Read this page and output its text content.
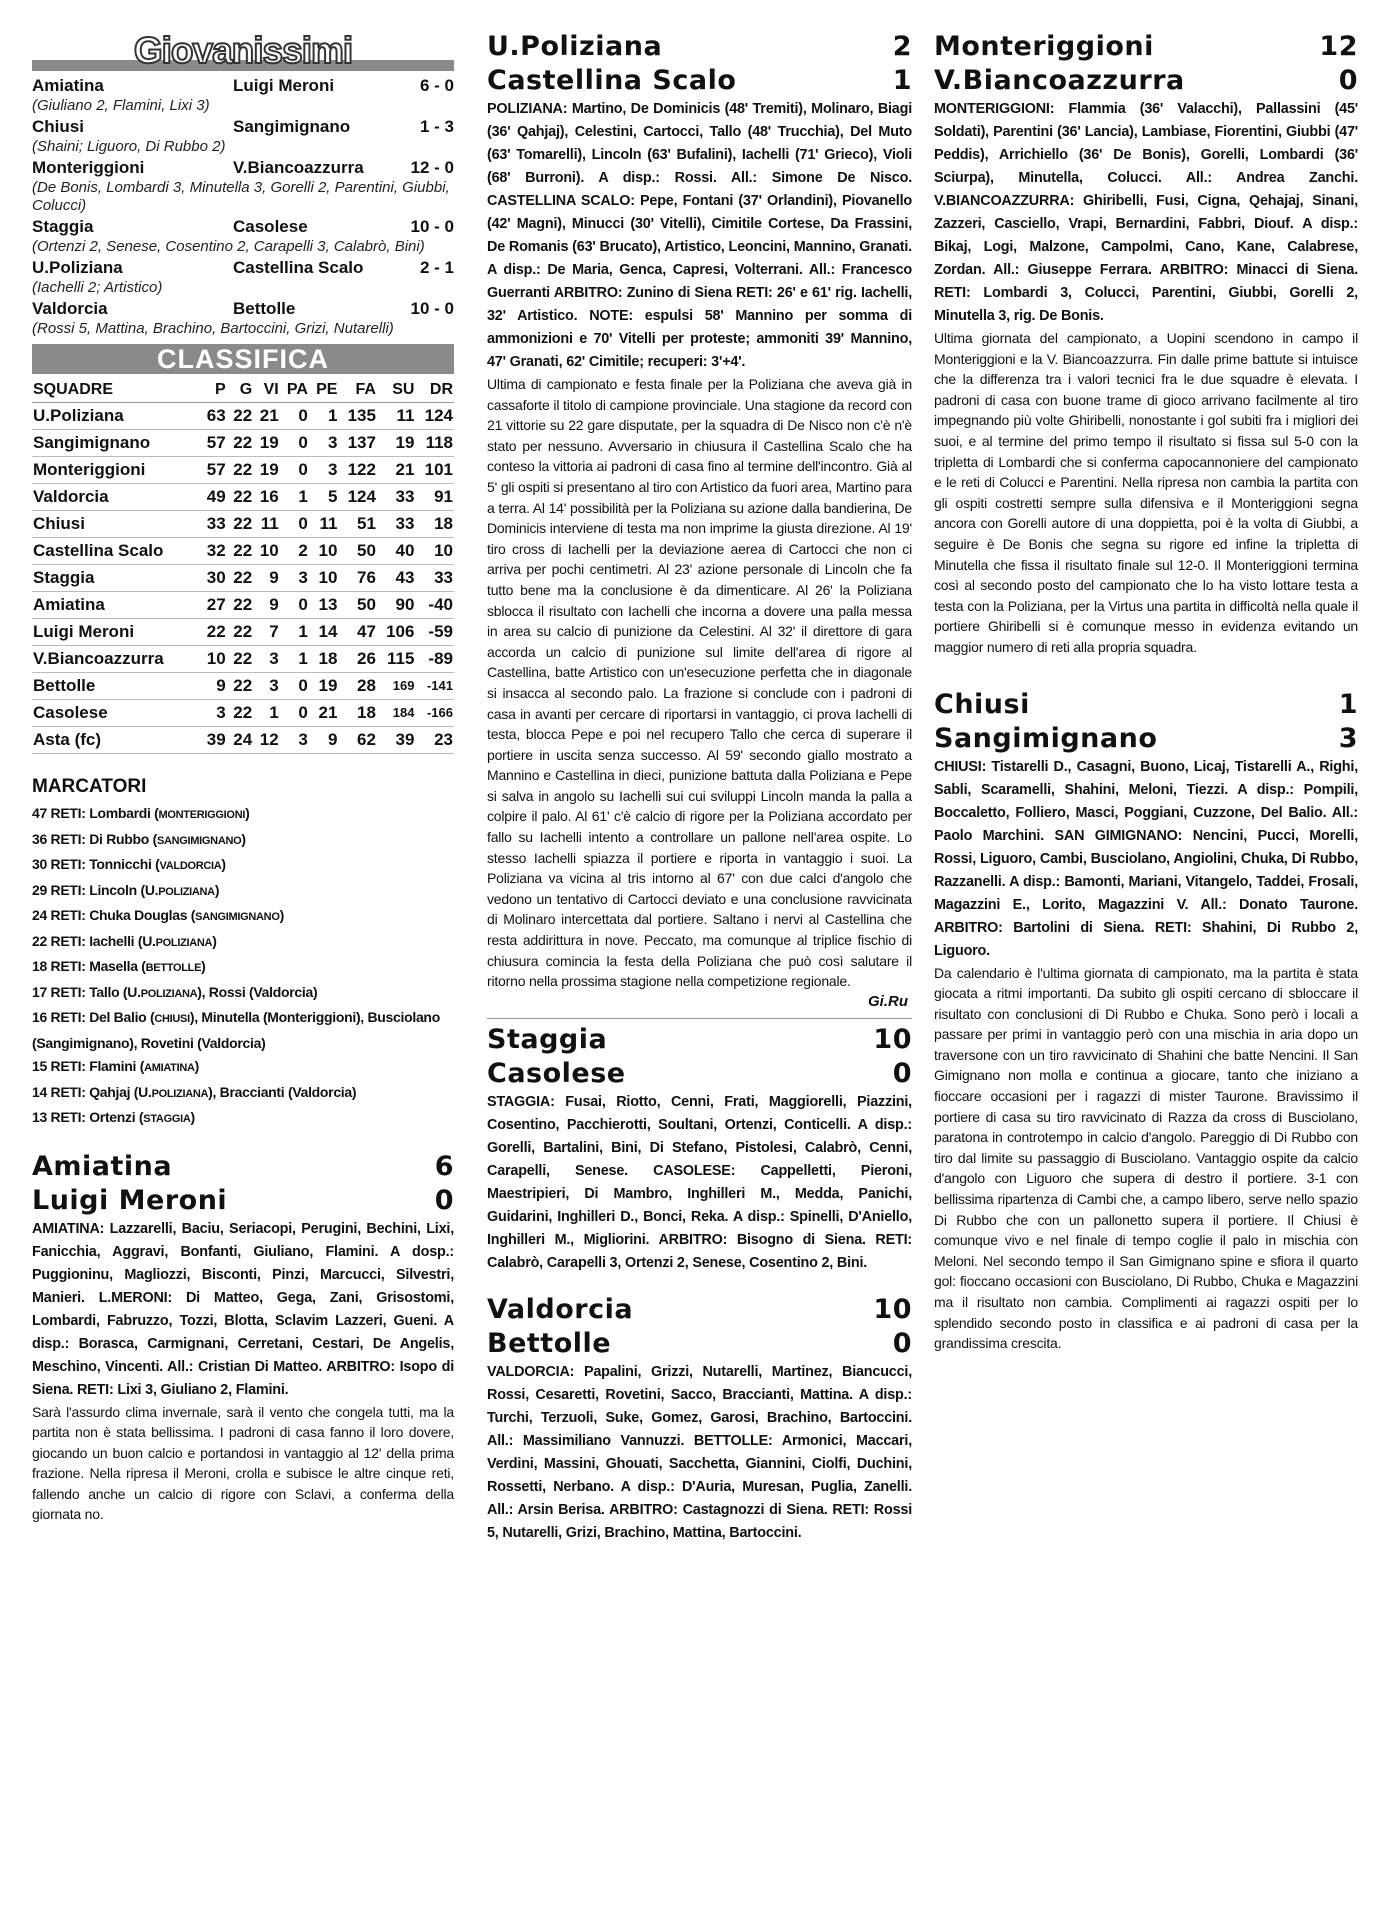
Giovanissimi
Amiatina	Luigi Meroni	6 - 0
(Giuliano 2, Flamini, Lixi 3)
Chiusi	Sangimignano	1 - 3
(Shaini; Liguoro, Di Rubbo 2)
Monteriggioni	V.Biancoazzurra	12 - 0
(De Bonis, Lombardi 3, Minutella 3, Gorelli 2, Parentini, Giubbi, Colucci)
Staggia	Casolese	10 - 0
(Ortenzi 2, Senese, Cosentino 2, Carapelli 3, Calabrò, Bini)
U.Poliziana	Castellina Scalo	2 - 1
(Iachelli 2; Artistico)
Valdorcia	Bettolle	10 - 0
(Rossi 5, Mattina, Brachino, Bartoccini, Grizi, Nutarelli)
CLASSIFICA
SQUADRE	P	G	VI	PA	PE	FA	SU	DR
U.Poliziana	63	22	21	0	1	135	11	124
Sangimignano	57	22	19	0	3	137	19	118
Monteriggioni	57	22	19	0	3	122	21	101
Valdorcia	49	22	16	1	5	124	33	91
Chiusi	33	22	11	0	11	51	33	18
Castellina Scalo	32	22	10	2	10	50	40	10
Staggia	30	22	9	3	10	76	43	33
Amiatina	27	22	9	0	13	50	90	-40
Luigi Meroni	22	22	7	1	14	47	106	-59
V.Biancoazzurra	10	22	3	1	18	26	115	-89
Bettolle	9	22	3	0	19	28	169	-141
Casolese	3	22	1	0	21	18	184	-166
Asta (fc)	39	24	12	3	9	62	39	23
MARCATORI
47 RETI: Lombardi (MONTERIGGIONI)
36 RETI: Di Rubbo (SANGIMIGNANO)
30 RETI: Tonnicchi (VALDORCIA)
29 RETI: Lincoln (U.POLIZIANA)
24 RETI: Chuka Douglas (SANGIMIGNANO)
22 RETI: Iachelli (U.POLIZIANA)
18 RETI: Masella (BETTOLLE)
17 RETI: Tallo (U.POLIZIANA), Rossi (Valdorcia)
16 RETI: Del Balio (CHIUSI), Minutella (Monteriggioni), Busciolano (Sangimignano), Rovetini (Valdorcia)
15 RETI: Flamini (AMIATINA)
14 RETI: Qahjaj (U.POLIZIANA), Braccianti (Valdorcia)
13 RETI: Ortenzi (STAGGIA)
Amiatina	6
Luigi Meroni	0
AMIATINA: Lazzarelli, Baciu, Seriacopi, Perugini, Bechini, Lixi, Fanicchia, Aggravi, Bonfanti, Giuliano, Flamini. A dosp.: Puggioninu, Magliozzi, Bisconti, Pinzi, Marcucci, Silvestri, Manieri. L.MERONI: Di Matteo, Gega, Zani, Grisostomi, Lombardi, Fabruzzo, Tozzi, Blotta, Sclavim Lazzeri, Gueni. A disp.: Borasca, Carmignani, Cerretani, Cestari, De Angelis, Meschino, Vincenti. All.: Cristian Di Matteo. ARBITRO: Isopo di Siena. RETI: Lixi 3, Giuliano 2, Flamini.
Sarà l'assurdo clima invernale, sarà il vento che congela tutti, ma la partita non è stata bellissima. I padroni di casa fanno il loro dovere, giocando un buon calcio e portandosi in vantaggio al 12' della prima frazione. Nella ripresa il Meroni, crolla e subisce le altre cinque reti, fallendo anche un calcio di rigore con Sclavi, a conferma della giornata no.
U.Poliziana	2
Castellina Scalo	1
POLIZIANA: Martino, De Dominicis (48' Tremiti), Molinaro, Biagi (36' Qahjaj), Celestini, Cartocci, Tallo (48' Trucchia), Del Muto (63' Tomarelli), Lincoln (63' Bufalini), Iachelli (71' Grieco), Violi (68' Burroni). A disp.: Rossi. All.: Simone De Nisco. CASTELLINA SCALO: Pepe, Fontani (37' Orlandini), Piovanello (42' Magni), Minucci (30' Vitelli), Cimitile Cortese, Da Frassini, De Romanis (63' Brucato), Artistico, Leoncini, Mannino, Granati. A disp.: De Maria, Genca, Capresi, Volterrani. All.: Francesco Guerranti ARBITRO: Zunino di Siena RETI: 26' e 61' rig. Iachelli, 32' Artistico. NOTE: espulsi 58' Mannino per somma di ammonizioni e 70' Vitelli per proteste; ammoniti 39' Mannino, 47' Granati, 62' Cimitile; recuperi: 3'+4'.
Ultima di campionato e festa finale per la Poliziana che aveva già in cassaforte il titolo di campione provinciale. Una stagione da record con 21 vittorie su 22 gare disputate, per la squadra di De Nisco non c'è n'è stato per nessuno. Avversario in chiusura il Castellina Scalo che ha conteso la vittoria ai padroni di casa fino al termine dell'incontro. Già al 5' gli ospiti si presentano al tiro con Artistico da fuori area, Martino para a terra. Al 14' possibilità per la Poliziana su azione dalla bandierina, De Dominicis interviene di testa ma non imprime la giusta direzione. Al 19' tiro cross di Iachelli per la deviazione aerea di Cartocci che non ci arriva per pochi centimetri. Al 23' azione personale di Lincoln che fa tutto bene ma la conclusione è da dimenticare. Al 26' la Poliziana sblocca il risultato con Iachelli che incorna a dovere una palla messa in area su calcio di punizione da Celestini. Al 32' il direttore di gara accorda un calcio di punizione sul limite dell'area di rigore al Castellina, batte Artistico con un'esecuzione perfetta che in diagonale si insacca al secondo palo. La frazione si conclude con i padroni di casa in avanti per cercare di riportarsi in vantaggio, ci prova Iachelli di testa, blocca Pepe e poi nel recupero Tallo che cerca di superare il portiere in uscita senza successo. Al 59' secondo giallo mostrato a Mannino e Castellina in dieci, punizione battuta dalla Poliziana e Pepe si salva in angolo su Iachelli sui cui sviluppi Lincoln manda la palla a colpire il palo. Al 61' c'è calcio di rigore per la Poliziana accordato per fallo su Iachelli intento a controllare un pallone nell'area ospite. Lo stesso Iachelli spiazza il portiere e riporta in vantaggio i suoi. La Poliziana va vicina al tris intorno al 67' con due calci d'angolo che vedono un tentativo di Cartocci deviato e una conclusione ravvicinata di Molinaro intercettata dal portiere. Saltano i nervi al Castellina che resta addirittura in nove. Peccato, ma comunque al triplice fischio di chiusura comincia la festa della Poliziana che può così salutare il ritorno nella prossima stagione nella competizione regionale.
Gi.Ru
Staggia	10
Casolese	0
STAGGIA: Fusai, Riotto, Cenni, Frati, Maggiorelli, Piazzini, Cosentino, Pacchierotti, Soultani, Ortenzi, Conticelli. A disp.: Gorelli, Bartalini, Bini, Di Stefano, Pistolesi, Calabrò, Cenni, Carapelli, Senese. CASOLESE: Cappelletti, Pieroni, Maestripieri, Di Mambro, Inghilleri M., Medda, Panichi, Guidarini, Inghilleri D., Bonci, Reka. A disp.: Spinelli, D'Aniello, Inghilleri M., Migliorini. ARBITRO: Bisogno di Siena. RETI: Calabrò, Carapelli 3, Ortenzi 2, Senese, Cosentino 2, Bini.
Valdorcia	10
Bettolle	0
VALDORCIA: Papalini, Grizzi, Nutarelli, Martinez, Biancucci, Rossi, Cesaretti, Rovetini, Sacco, Braccianti, Mattina. A disp.: Turchi, Terzuoli, Suke, Gomez, Garosi, Brachino, Bartoccini. All.: Massimiliano Vannuzzi. BETTOLLE: Armonici, Maccari, Verdini, Massini, Ghouati, Sacchetta, Giannini, Ciolfi, Duchini, Rossetti, Nerbano. A disp.: D'Auria, Muresan, Puglia, Zanelli. All.: Arsin Berisa. ARBITRO: Castagnozzi di Siena. RETI: Rossi 5, Nutarelli, Grizi, Brachino, Mattina, Bartoccini.
Monteriggioni	12
V.Biancoazzurra	0
MONTERIGGIONI: Flammia (36' Valacchi), Pallassini (45' Soldati), Parentini (36' Lancia), Lambiase, Fiorentini, Giubbi (47' Peddis), Arrichiello (36' De Bonis), Gorelli, Lombardi (36' Sciurpa), Minutella, Colucci. All.: Andrea Zanchi. V.BIANCOAZZURRA: Ghiribelli, Fusi, Cigna, Qehajaj, Sinani, Zazzeri, Casciello, Vrapi, Bernardini, Fabbri, Diouf. A disp.: Bikaj, Logi, Malzone, Campolmi, Cano, Kane, Calabrese, Zordan. All.: Giuseppe Ferrara. ARBITRO: Minacci di Siena. RETI: Lombardi 3, Colucci, Parentini, Giubbi, Gorelli 2, Minutella 3, rig. De Bonis.
Ultima giornata del campionato, a Uopini scendono in campo il Monteriggioni e la V. Biancoazzurra. Fin dalle prime battute si intuisce che la differenza tra i valori tecnici fra le due squadre è elevata. I padroni di casa con buone trame di gioco arrivano facilmente al tiro impegnando più volte Ghiribelli, nonostante i gol subiti fra i migliori dei suoi, e al termine del primo tempo il risultato si fissa sul 5-0 con la tripletta di Lombardi che si conferma capocannoniere del campionato e le reti di Colucci e Parentini. Nella ripresa non cambia la partita con gli ospiti costretti sempre sulla difensiva e il Monteriggioni segna ancora con Gorelli autore di una doppietta, poi è la volta di Giubbi, a seguire è De Bonis che segna su rigore ed infine la tripletta di Minutella che fissa il risultato finale sul 12-0. Il Monteriggioni termina così al secondo posto del campionato che lo ha visto lottare testa a testa con la Poliziana, per la Virtus una partita in difficoltà nella quale il portiere Ghiribelli si è comunque messo in evidenza evitando un maggior numero di reti alla propria squadra.
Chiusi	1
Sangimignano	3
CHIUSI: Tistarelli D., Casagni, Buono, Licaj, Tistarelli A., Righi, Sabli, Scaramelli, Shahini, Meloni, Tiezzi. A disp.: Pompili, Boccaletto, Folliero, Masci, Poggiani, Cuzzone, Del Balio. All.: Paolo Marchini. SAN GIMIGNANO: Nencini, Pucci, Morelli, Rossi, Liguoro, Cambi, Busciolano, Angiolini, Chuka, Di Rubbo, Razzanelli. A disp.: Bamonti, Mariani, Vitangelo, Taddei, Frosali, Magazzini E., Lorito, Magazzini V. All.: Donato Taurone. ARBITRO: Bartolini di Siena. RETI: Shahini, Di Rubbo 2, Liguoro.
Da calendario è l'ultima giornata di campionato, ma la partita è stata giocata a ritmi importanti. Da subito gli ospiti cercano di sbloccare il risultato con conclusioni di Di Rubbo e Chuka. Sono però i locali a passare per primi in vantaggio però con una mischia in aria dopo un traversone con un tiro ravvicinato di Shahini che batte Nencini. Il San Gimignano non molla e continua a giocare, tanto che iniziano a fioccare occasioni per i ragazzi di mister Taurone. Bravissimo il portiere di casa su tiro ravvicinato di Razza da cross di Busciolano, paratona in controtempo in calcio d'angolo. Pareggio di Di Rubbo con tiro dal limite su passaggio di Busciolano. Vantaggio ospite da calcio d'angolo con Liguoro che supera di destro il portiere. 3-1 con bellissima ripartenza di Cambi che, a campo libero, serve nello spazio Di Rubbo che con un pallonetto supera il portiere. Il Chiusi è comunque vivo e nel finale di tempo coglie il palo in mischia con Meloni. Nel secondo tempo il San Gimignano spine e sfiora il quarto gol: fioccano occasioni con Busciolano, Di Rubbo, Chuka e Magazzini ma il risultato non cambia. Complimenti ai ragazzi ospiti per lo splendido secondo posto in classifica e ai padroni di casa per la grandissima crescita.
